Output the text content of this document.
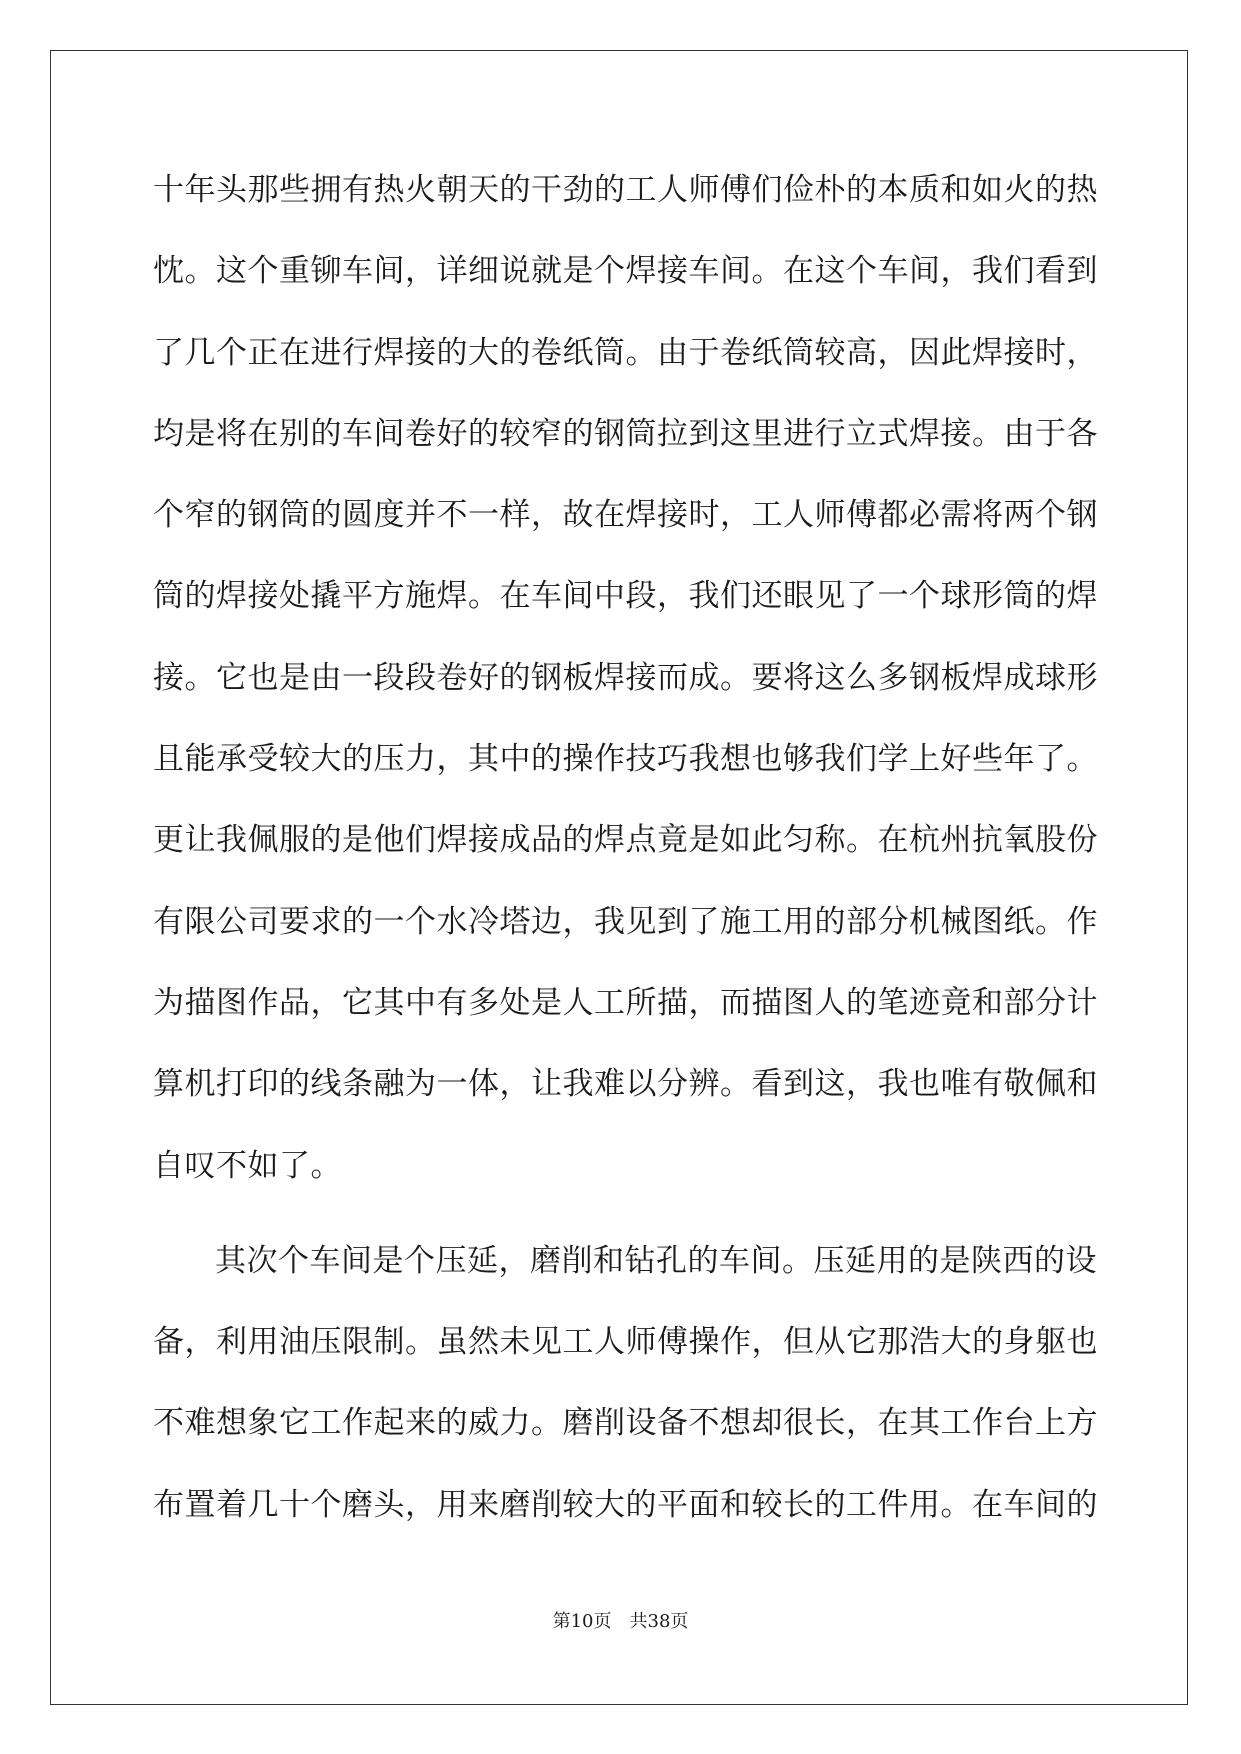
十年头那些拥有热火朝天的干劲的工人师傅们俭朴的本质和如火的热
忱。这个重铆车间，详细说就是个焊接车间。在这个车间，我们看到
了几个正在进行焊接的大的卷纸筒。由于卷纸筒较高，因此焊接时，
均是将在别的车间卷好的较窄的钢筒拉到这里进行立式焊接。由于各
个窄的钢筒的圆度并不一样，故在焊接时，工人师傅都必需将两个钢
筒的焊接处撬平方施焊。在车间中段，我们还眼见了一个球形筒的焊
接。它也是由一段段卷好的钢板焊接而成。要将这么多钢板焊成球形
且能承受较大的压力，其中的操作技巧我想也够我们学上好些年了。
更让我佩服的是他们焊接成品的焊点竟是如此匀称。在杭州抗氧股份
有限公司要求的一个水冷塔边，我见到了施工用的部分机械图纸。作
为描图作品，它其中有多处是人工所描，而描图人的笔迹竟和部分计
算机打印的线条融为一体，让我难以分辨。看到这，我也唯有敬佩和
自叹不如了。
其次个车间是个压延，磨削和钻孔的车间。压延用的是陕西的设
备，利用油压限制。虽然未见工人师傅操作，但从它那浩大的身躯也
不难想象它工作起来的威力。磨削设备不想却很长，在其工作台上方
布置着几十个磨头，用来磨削较大的平面和较长的工件用。在车间的
第10页　共38页
